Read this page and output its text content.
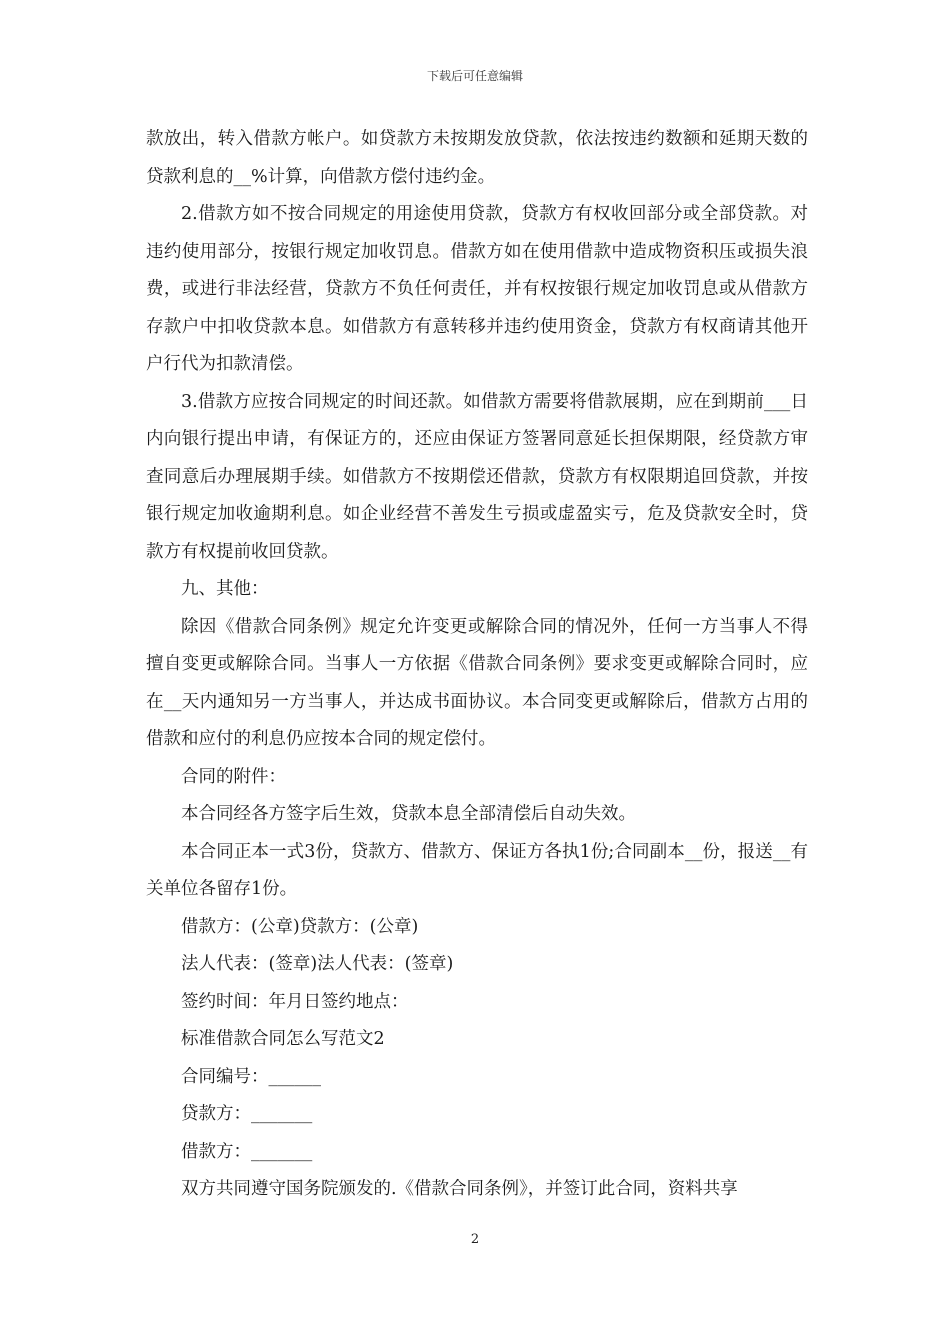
下载后可任意编辑

款放出，转入借款方帐户。如贷款方未按期发放贷款，依法按违约数额和延期天数的贷款利息的__%计算，向借款方偿付违约金。

2.借款方如不按合同规定的用途使用贷款，贷款方有权收回部分或全部贷款。对违约使用部分，按银行规定加收罚息。借款方如在使用借款中造成物资积压或损失浪费，或进行非法经营，贷款方不负任何责任，并有权按银行规定加收罚息或从借款方存款户中扣收贷款本息。如借款方有意转移并违约使用资金，贷款方有权商请其他开户行代为扣款清偿。

3.借款方应按合同规定的时间还款。如借款方需要将借款展期，应在到期前___日内向银行提出申请，有保证方的，还应由保证方签署同意延长担保期限，经贷款方审查同意后办理展期手续。如借款方不按期偿还借款，贷款方有权限期追回贷款，并按银行规定加收逾期利息。如企业经营不善发生亏损或虚盈实亏，危及贷款安全时，贷款方有权提前收回贷款。

九、其他：

除因《借款合同条例》规定允许变更或解除合同的情况外，任何一方当事人不得擅自变更或解除合同。当事人一方依据《借款合同条例》要求变更或解除合同时，应在__天内通知另一方当事人，并达成书面协议。本合同变更或解除后，借款方占用的借款和应付的利息仍应按本合同的规定偿付。

合同的附件：

本合同经各方签字后生效，贷款本息全部清偿后自动失效。

本合同正本一式3份，贷款方、借款方、保证方各执1份;合同副本__份，报送__有关单位各留存1份。

借款方：(公章)贷款方：(公章)

法人代表：(签章)法人代表：(签章)

签约时间：年月日签约地点：

标准借款合同怎么写范文2

合同编号：______

贷款方：_______

借款方：_______

双方共同遵守国务院颁发的.《借款合同条例》，并签订此合同，资料共享

2
